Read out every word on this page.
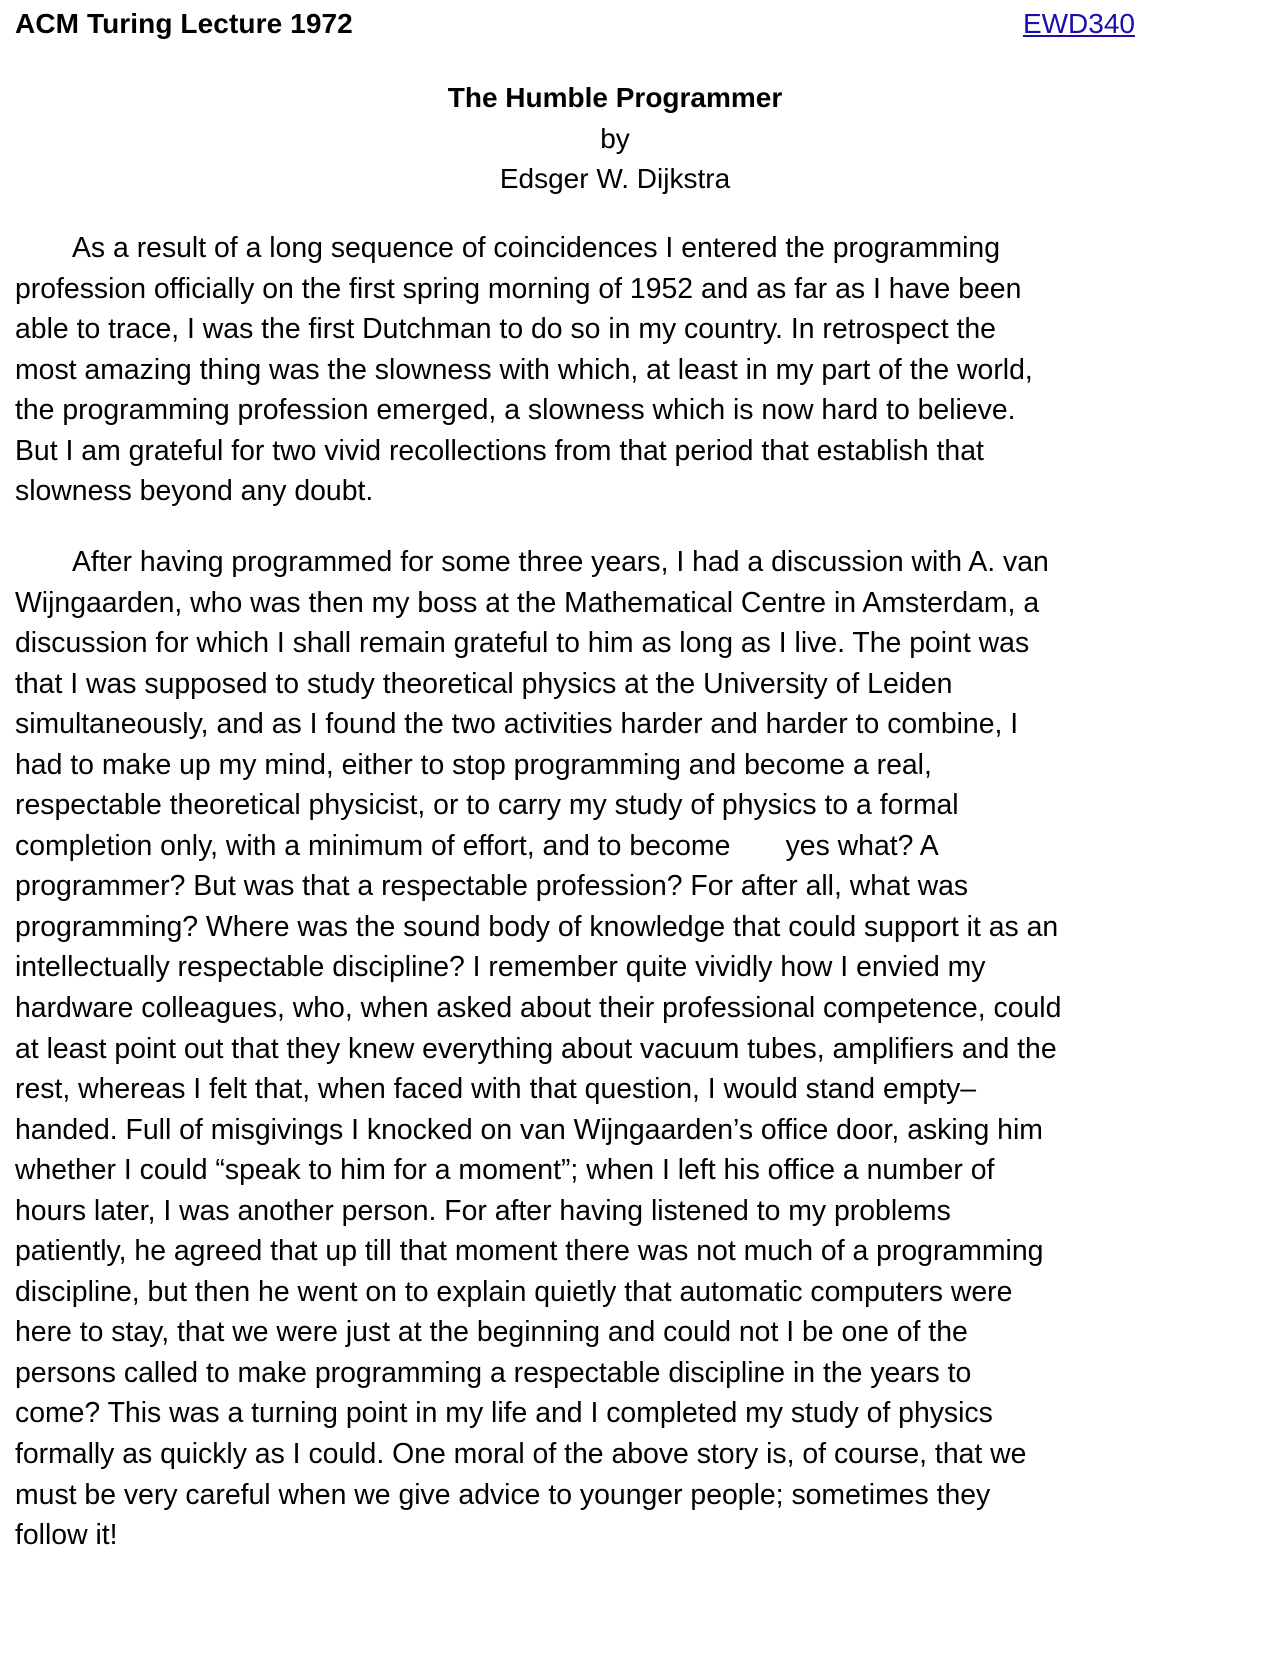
ACM Turing Lecture 1972	EWD340
The Humble Programmer
by
Edsger W. Dijkstra

As a result of a long sequence of coincidences I entered the programming
profession officially on the first spring morning of 1952 and as far as I have been
able to trace, I was the first Dutchman to do so in my country. In retrospect the
most amazing thing was the slowness with which, at least in my part of the world,
the programming profession emerged, a slowness which is now hard to believe.
But I am grateful for two vivid recollections from that period that establish that
slowness beyond any doubt.

After having programmed for some three years, I had a discussion with A. van
Wijngaarden, who was then my boss at the Mathematical Centre in Amsterdam, a
discussion for which I shall remain grateful to him as long as I live. The point was
that I was supposed to study theoretical physics at the University of Leiden
simultaneously, and as I found the two activities harder and harder to combine, I
had to make up my mind, either to stop programming and become a real,
respectable theoretical physicist, or to carry my study of physics to a formal
completion only, with a minimum of effort, and to become       yes what? A
programmer? But was that a respectable profession? For after all, what was
programming? Where was the sound body of knowledge that could support it as an
intellectually respectable discipline? I remember quite vividly how I envied my
hardware colleagues, who, when asked about their professional competence, could
at least point out that they knew everything about vacuum tubes, amplifiers and the
rest, whereas I felt that, when faced with that question, I would stand empty–
handed. Full of misgivings I knocked on van Wijngaarden’s office door, asking him
whether I could “speak to him for a moment”; when I left his office a number of
hours later, I was another person. For after having listened to my problems
patiently, he agreed that up till that moment there was not much of a programming
discipline, but then he went on to explain quietly that automatic computers were
here to stay, that we were just at the beginning and could not I be one of the
persons called to make programming a respectable discipline in the years to
come? This was a turning point in my life and I completed my study of physics
formally as quickly as I could. One moral of the above story is, of course, that we
must be very careful when we give advice to younger people; sometimes they
follow it!
